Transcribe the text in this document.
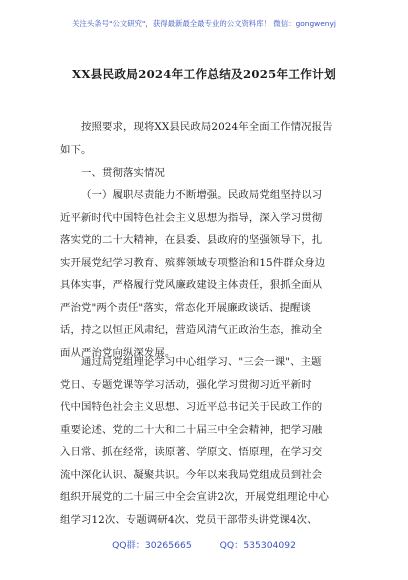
关注头条号"公文研究"，获得最新最全最专业的公文资料库！ 微信：gongwenyj
XX县民政局2024年工作总结及2025年工作计划
按照要求，现将XX县民政局2024年全面工作情况报告
如下。
一、贯彻落实情况
（一）履职尽责能力不断增强。民政局党组坚持以习
近平新时代中国特色社会主义思想为指导，深入学习贯彻
落实党的二十大精神，在县委、县政府的坚强领导下，扎
实开展党纪学习教育、殡葬领域专项整治和15件群众身边
具体实事，严格履行党风廉政建设主体责任，狠抓全面从
严治党"两个责任"落实，常态化开展廉政谈话、提醒谈
话，持之以恒正风肃纪，营造风清气正政治生态，推动全
面从严治党向纵深发展。
通过局党组理论学习中心组学习、"三会一课"、主题
党日、专题党课等学习活动，强化学习贯彻习近平新时
代中国特色社会主义思想、习近平总书记关于民政工作的
重要论述、党的二十大和二十届三中全会精神，把学习融
入日常、抓在经常，读原著、学原文、悟原理，在学习交
流中深化认识、凝聚共识。今年以来我局党组成员到社会
组织开展党的二十届三中全会宣讲2次，开展党组理论中心
组学习12次、专题调研4次、党员干部带头讲党课4次、
QQ群：30265665	QQ：535304092
